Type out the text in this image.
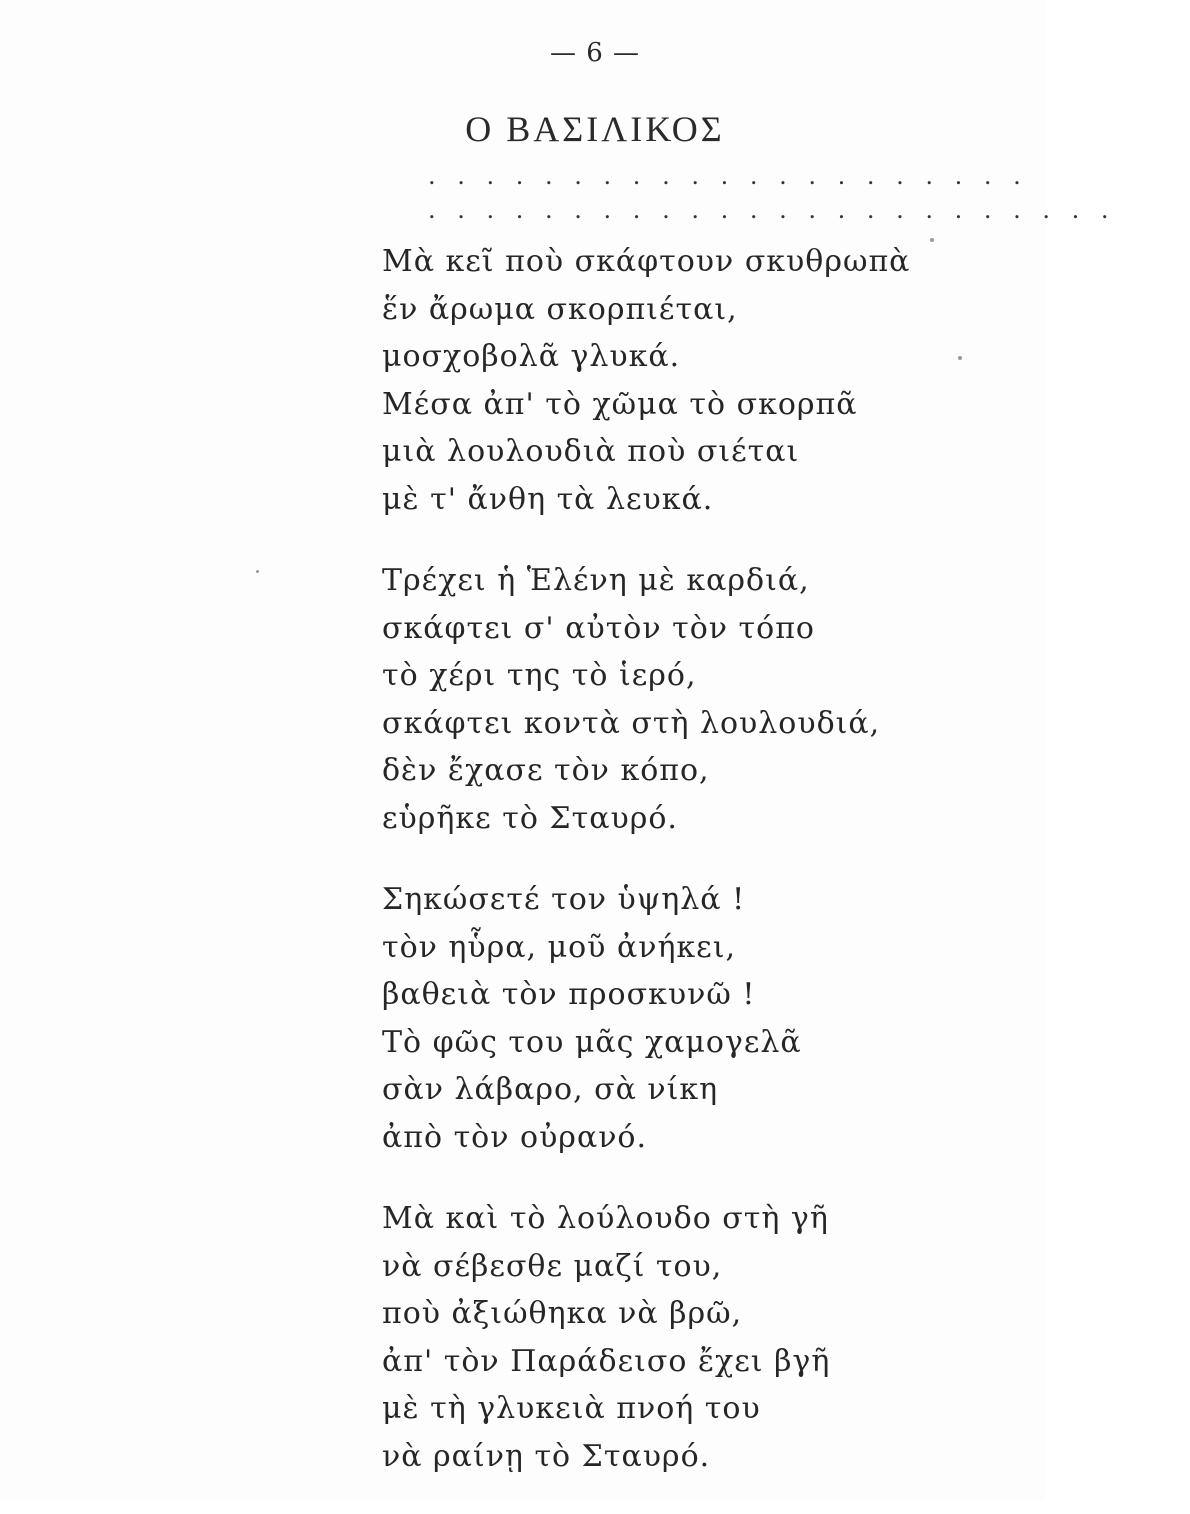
— 6 —
Ο ΒΑΣΙΛΙΚΟΣ
. . . . . . . . . . . . . . . . . . . . .
. . . . . . . . . . . . . . . . . . . . . . . .
Μὰ κεῖ ποὺ σκάφτουν σκυθρωπὰ
ἕν ἄρωμα σκορπιέται,
μοσχοβολᾶ γλυκά.
Μέσα ἀπ' τὸ χῶμα τὸ σκορπᾶ
μιὰ λουλουδιὰ ποὺ σιέται
μὲ τ' ἄνθη τὰ λευκά.
Τρέχει ἡ Ἑλένη μὲ καρδιά,
σκάφτει σ' αὐτὸν τὸν τόπο
τὸ χέρι της τὸ ἱερό,
σκάφτει κοντὰ στὴ λουλουδιά,
δὲν ἔχασε τὸν κόπο,
εὑρῆκε τὸ Σταυρό.
Σηκώσετέ τον ὑψηλά !
τὸν ηὗρα, μοῦ ἀνήκει,
βαθειὰ τὸν προσκυνῶ !
Τὸ φῶς του μᾶς χαμογελᾶ
σὰν λάβαρο, σὰ νίκη
ἀπὸ τὸν οὐρανό.
Μὰ καὶ τὸ λούλουδο στὴ γῆ
νὰ σέβεσθε μαζί του,
ποὺ ἀξιώθηκα νὰ βρῶ,
ἀπ' τὸν Παράδεισο ἔχει βγῆ
μὲ τὴ γλυκειὰ πνοή του
νὰ ραίνῃ τὸ Σταυρό.
